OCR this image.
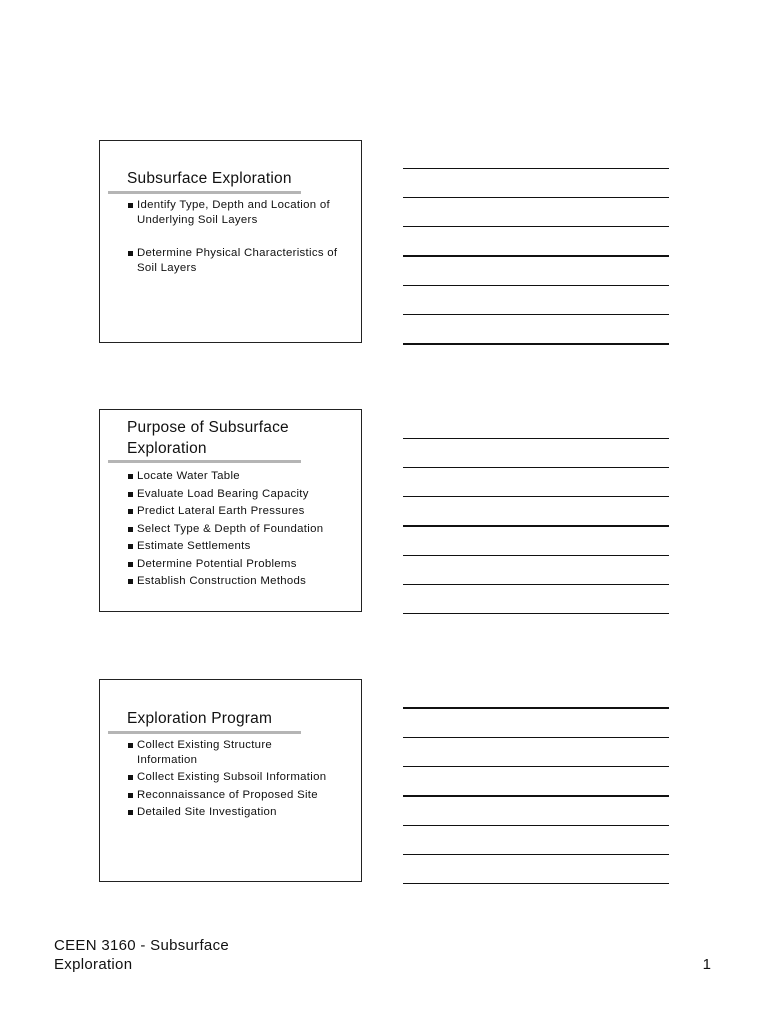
Subsurface Exploration
Identify Type, Depth and Location of Underlying Soil Layers
Determine Physical Characteristics of Soil Layers
Purpose of Subsurface Exploration
Locate Water Table
Evaluate Load Bearing Capacity
Predict Lateral Earth Pressures
Select Type & Depth of Foundation
Estimate Settlements
Determine Potential Problems
Establish Construction Methods
Exploration Program
Collect Existing Structure Information
Collect Existing Subsoil Information
Reconnaissance of Proposed Site
Detailed Site Investigation
CEEN 3160 - Subsurface Exploration	1
